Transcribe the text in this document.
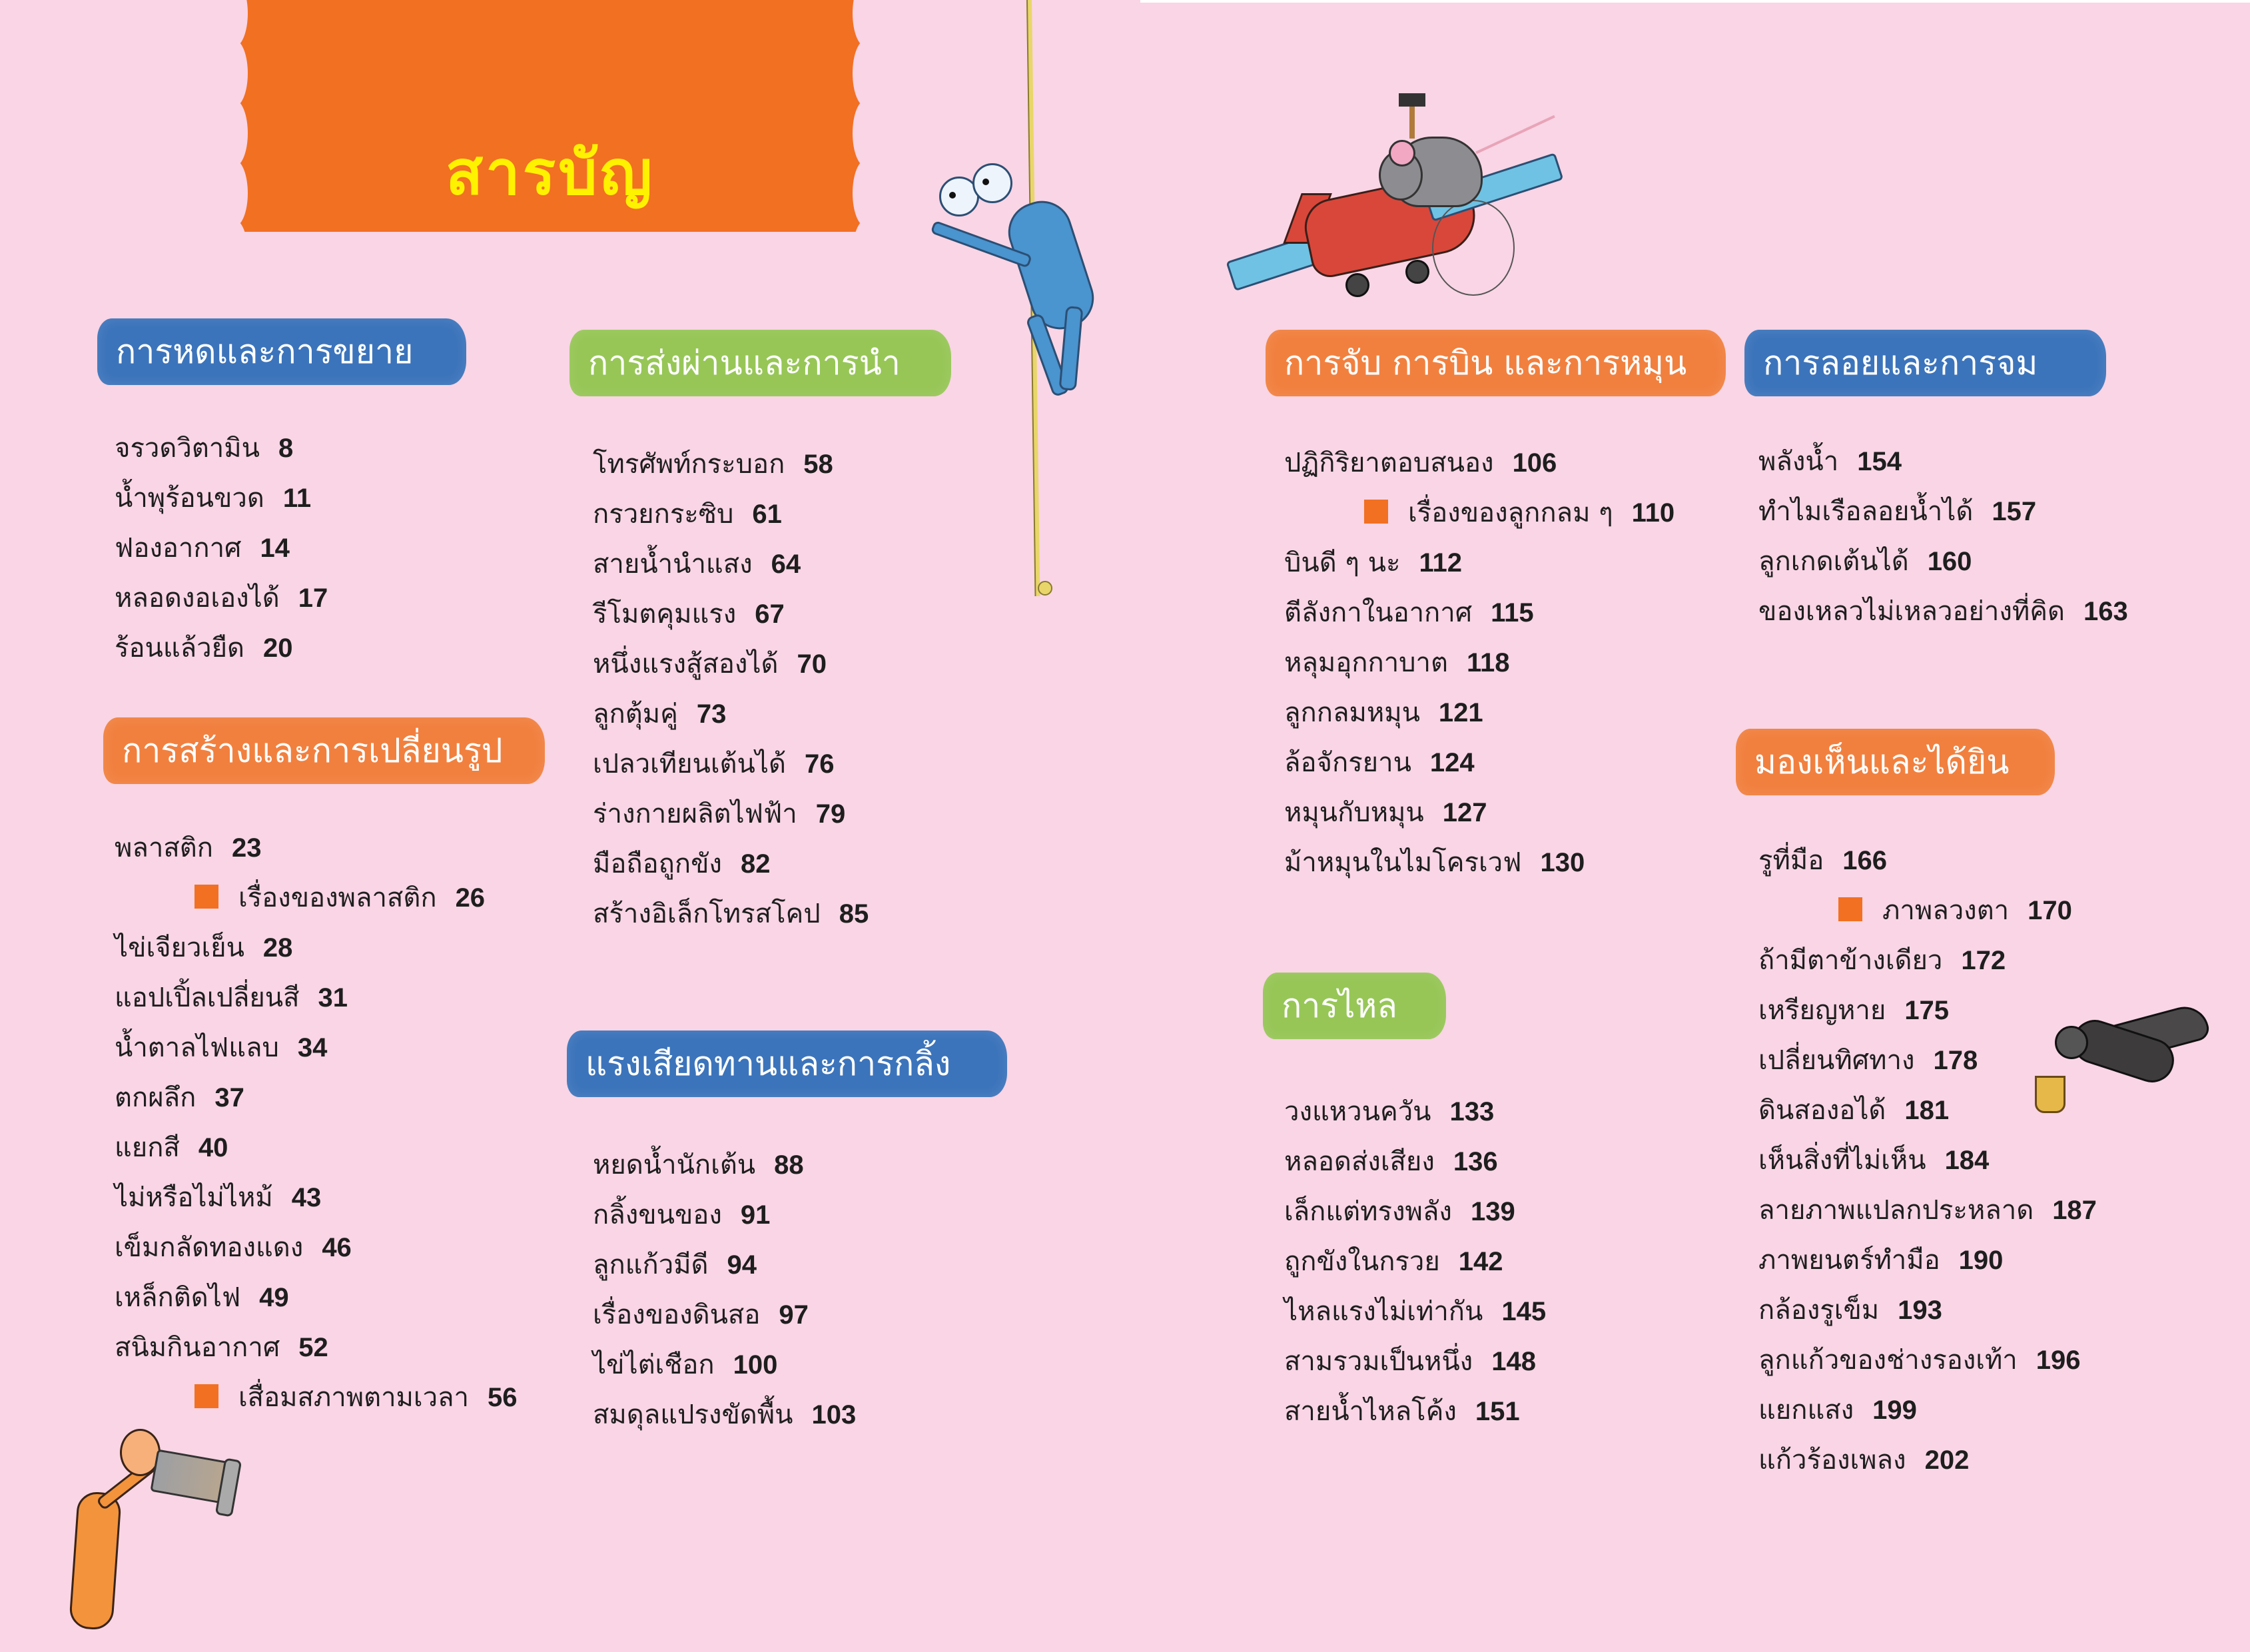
สารบัญ
การหดและการขยาย
จรวดวิตามิน 8
น้ำพุร้อนขวด 11
ฟองอากาศ 14
หลอดงอเองได้ 17
ร้อนแล้วยืด 20
การสร้างและการเปลี่ยนรูป
พลาสติก 23
เรื่องของพลาสติก 26
ไข่เจียวเย็น 28
แอปเปิ้ลเปลี่ยนสี 31
น้ำตาลไฟแลบ 34
ตกผลึก 37
แยกสี 40
ไม่หรือไม่ไหม้ 43
เข็มกลัดทองแดง 46
เหล็กติดไฟ 49
สนิมกินอากาศ 52
เสื่อมสภาพตามเวลา 56
การส่งผ่านและการนำ
โทรศัพท์กระบอก 58
กรวยกระซิบ 61
สายน้ำนำแสง 64
รีโมตคุมแรง 67
หนึ่งแรงสู้สองได้ 70
ลูกตุ้มคู่ 73
เปลวเทียนเต้นได้ 76
ร่างกายผลิตไฟฟ้า 79
มือถือถูกขัง 82
สร้างอิเล็กโทรสโคป 85
แรงเสียดทานและการกลิ้ง
หยดน้ำนักเต้น 88
กลิ้งขนของ 91
ลูกแก้วมีดี 94
เรื่องของดินสอ 97
ไข่ไต่เชือก 100
สมดุลแปรงขัดพื้น 103
การจับ การบิน และการหมุน
ปฏิกิริยาตอบสนอง 106
เรื่องของลูกกลม ๆ 110
บินดี ๆ นะ 112
ตีลังกาในอากาศ 115
หลุมอุกกาบาต 118
ลูกกลมหมุน 121
ล้อจักรยาน 124
หมุนกับหมุน 127
ม้าหมุนในไมโครเวฟ 130
การไหล
วงแหวนควัน 133
หลอดส่งเสียง 136
เล็กแต่ทรงพลัง 139
ถูกขังในกรวย 142
ไหลแรงไม่เท่ากัน 145
สามรวมเป็นหนึ่ง 148
สายน้ำไหลโค้ง 151
การลอยและการจม
พลังน้ำ 154
ทำไมเรือลอยน้ำได้ 157
ลูกเกดเต้นได้ 160
ของเหลวไม่เหลวอย่างที่คิด 163
มองเห็นและได้ยิน
รูที่มือ 166
ภาพลวงตา 170
ถ้ามีตาข้างเดียว 172
เหรียญหาย 175
เปลี่ยนทิศทาง 178
ดินสองอได้ 181
เห็นสิ่งที่ไม่เห็น 184
ลายภาพแปลกประหลาด 187
ภาพยนตร์ทำมือ 190
กล้องรูเข็ม 193
ลูกแก้วของช่างรองเท้า 196
แยกแสง 199
แก้วร้องเพลง 202
